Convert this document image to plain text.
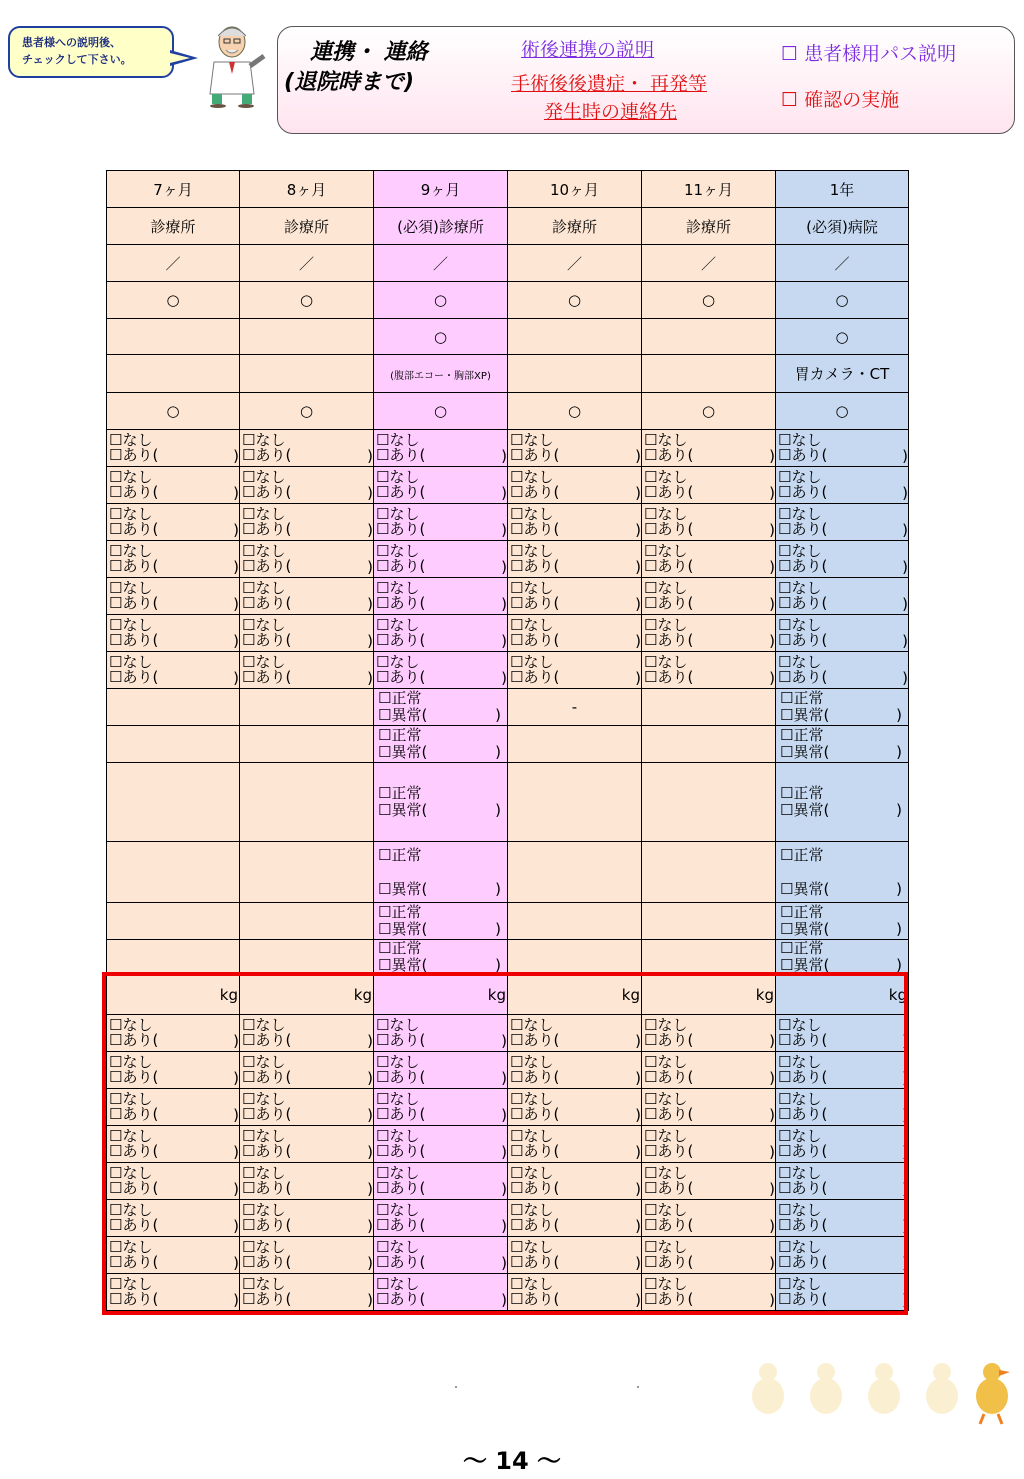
患者様への説明後、
チェックして下さい。	連携・ 連絡
(退院時まで)
術後連携の説明
手術後後遺症・ 再発等
発生時の連絡先
☐ 患者様用パス説明
☐ 確認の実施
7ヶ月	8ヶ月	9ヶ月	10ヶ月	11ヶ月	1年
診療所	診療所	(必須)診療所	診療所	診療所	(必須)病院
／	／	／	／	／	／
○	○	○	○	○	○
		○			○
		(腹部エコー・胸部XP)			胃カメラ・CT
○	○	○	○	○	○
☐なし
☐あり( )	☐なし
☐あり( )	☐なし
☐あり( )	☐なし
☐あり( )	☐なし
☐あり( )	☐なし
☐あり( )

☐なし
☐あり( )	☐なし
☐あり( )	☐なし
☐あり( )	☐なし
☐あり( )	☐なし
☐あり( )	☐なし
☐あり( )

☐なし
☐あり( )	☐なし
☐あり( )	☐なし
☐あり( )	☐なし
☐あり( )	☐なし
☐あり( )	☐なし
☐あり( )

☐なし
☐あり( )	☐なし
☐あり( )	☐なし
☐あり( )	☐なし
☐あり( )	☐なし
☐あり( )	☐なし
☐あり( )

☐なし
☐あり( )	☐なし
☐あり( )	☐なし
☐あり( )	☐なし
☐あり( )	☐なし
☐あり( )	☐なし
☐あり( )

☐なし
☐あり( )	☐なし
☐あり( )	☐なし
☐あり( )	☐なし
☐あり( )	☐なし
☐あり( )	☐なし
☐あり( )

☐なし
☐あり( )	☐なし
☐あり( )	☐なし
☐あり( )	☐なし
☐あり( )	☐なし
☐あり( )	☐なし
☐あり( )

		☐正常
☐異常( )	-		☐正常
☐異常( )

		☐正常
☐異常( )			☐正常
☐異常( )

		☐正常
☐異常( )			☐正常
☐異常( )

		☐正常

☐異常( )			☐正常

☐異常( )

		☐正常
☐異常( )			☐正常
☐異常( )

		☐正常
☐異常( )			☐正常
☐異常( )

kg	kg	kg	kg	kg	kg
☐なし
☐あり( )	☐なし
☐あり( )	☐なし
☐あり( )	☐なし
☐あり( )	☐なし
☐あり( )	☐なし
☐あり( )

☐なし
☐あり( )	☐なし
☐あり( )	☐なし
☐あり( )	☐なし
☐あり( )	☐なし
☐あり( )	☐なし
☐あり( )

☐なし
☐あり( )	☐なし
☐あり( )	☐なし
☐あり( )	☐なし
☐あり( )	☐なし
☐あり( )	☐なし
☐あり( )

☐なし
☐あり( )	☐なし
☐あり( )	☐なし
☐あり( )	☐なし
☐あり( )	☐なし
☐あり( )	☐なし
☐あり( )

☐なし
☐あり( )	☐なし
☐あり( )	☐なし
☐あり( )	☐なし
☐あり( )	☐なし
☐あり( )	☐なし
☐あり( )

☐なし
☐あり( )	☐なし
☐あり( )	☐なし
☐あり( )	☐なし
☐あり( )	☐なし
☐あり( )	☐なし
☐あり( )

☐なし
☐あり( )	☐なし
☐あり( )	☐なし
☐あり( )	☐なし
☐あり( )	☐なし
☐あり( )	☐なし
☐あり( )

☐なし
☐あり( )	☐なし
☐あり( )	☐なし
☐あり( )	☐なし
☐あり( )	☐なし
☐あり( )	☐なし
☐あり( )
～ 14 ～
